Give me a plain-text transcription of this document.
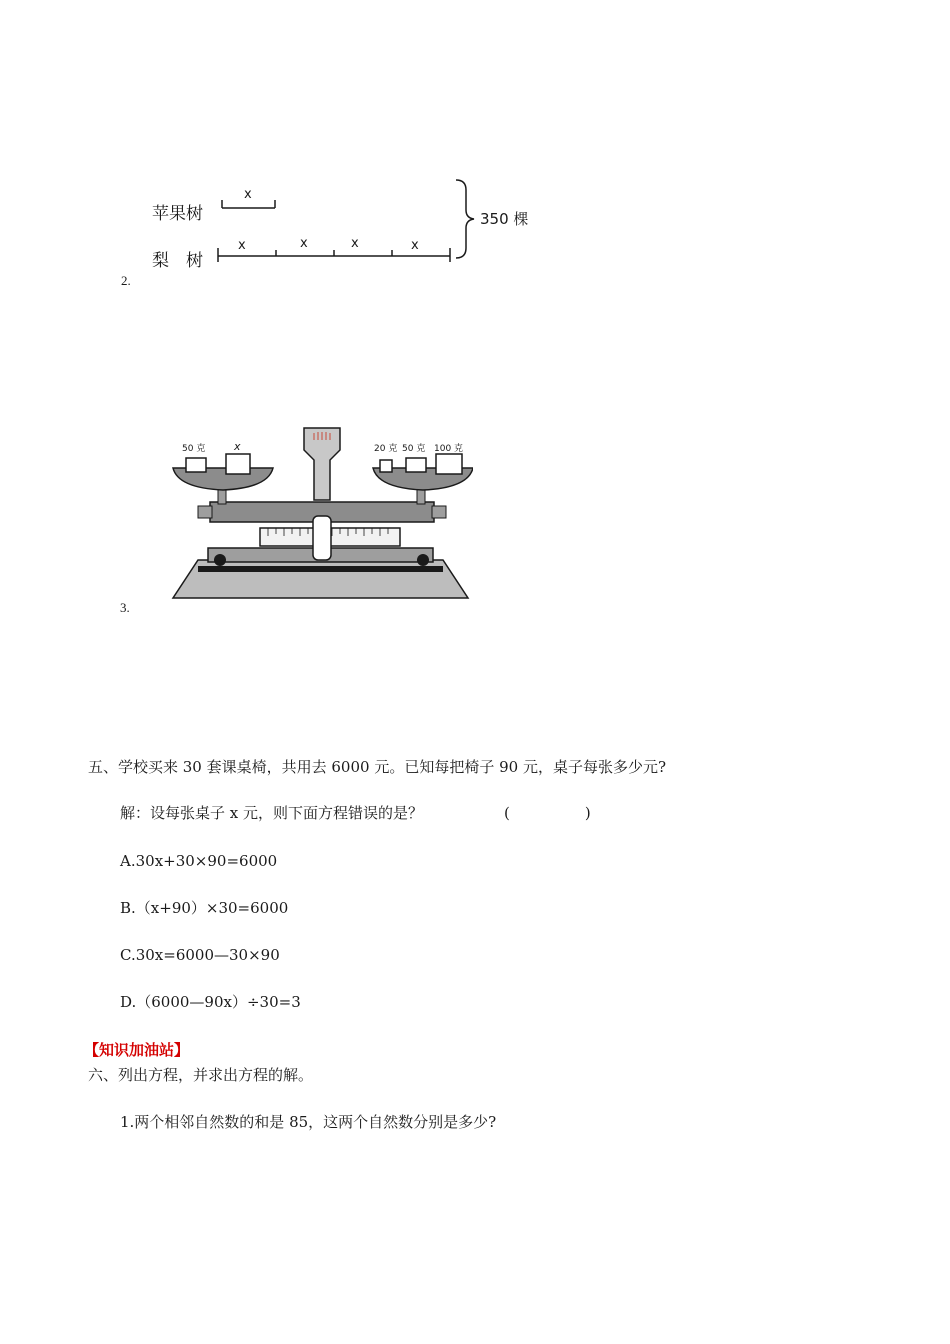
苹果树
x
梨　树
x	x	x	x
350 棵
2.
50 克	x	20 克 50 克 100 克
3.
五、学校买来 30 套课桌椅，共用去 6000 元。已知每把椅子 90 元，桌子每张多少元?
解：设每张桌子 x 元，则下面方程错误的是？	(　　　　　)
A.30x+30×90=6000
B.（x+90）×30=6000
C.30x=6000—30×90
D.（6000—90x）÷30=3
【知识加油站】
六、列出方程，并求出方程的解。
1.两个相邻自然数的和是 85，这两个自然数分别是多少?
